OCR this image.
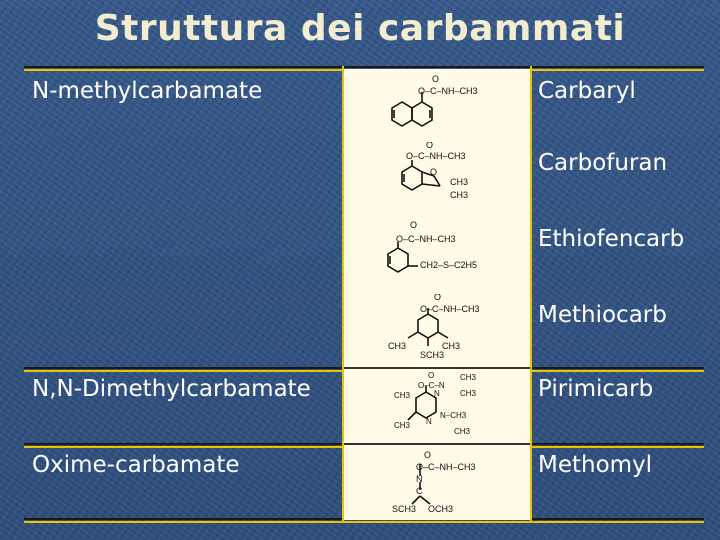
Struttura dei carbammati
N-methylcarbamate
N,N-Dimethylcarbamate
Oxime-carbamate
Carbaryl
Carbofuran
Ethiofencarb
Methiocarb
Pirimicarb
Methomyl
O
O–C–NH–CH3
O
O–C–NH–CH3
O
CH3
CH3
O
O–C–NH–CH3
CH2–S–C2H5
O
O–C–NH–CH3
CH3	CH3
SCH3
O
O–C–N
CH3
CH3
CH3	N
N
N–CH3
CH3
CH3
O
O–C–NH–CH3
N
C
SCH3 OCH3
